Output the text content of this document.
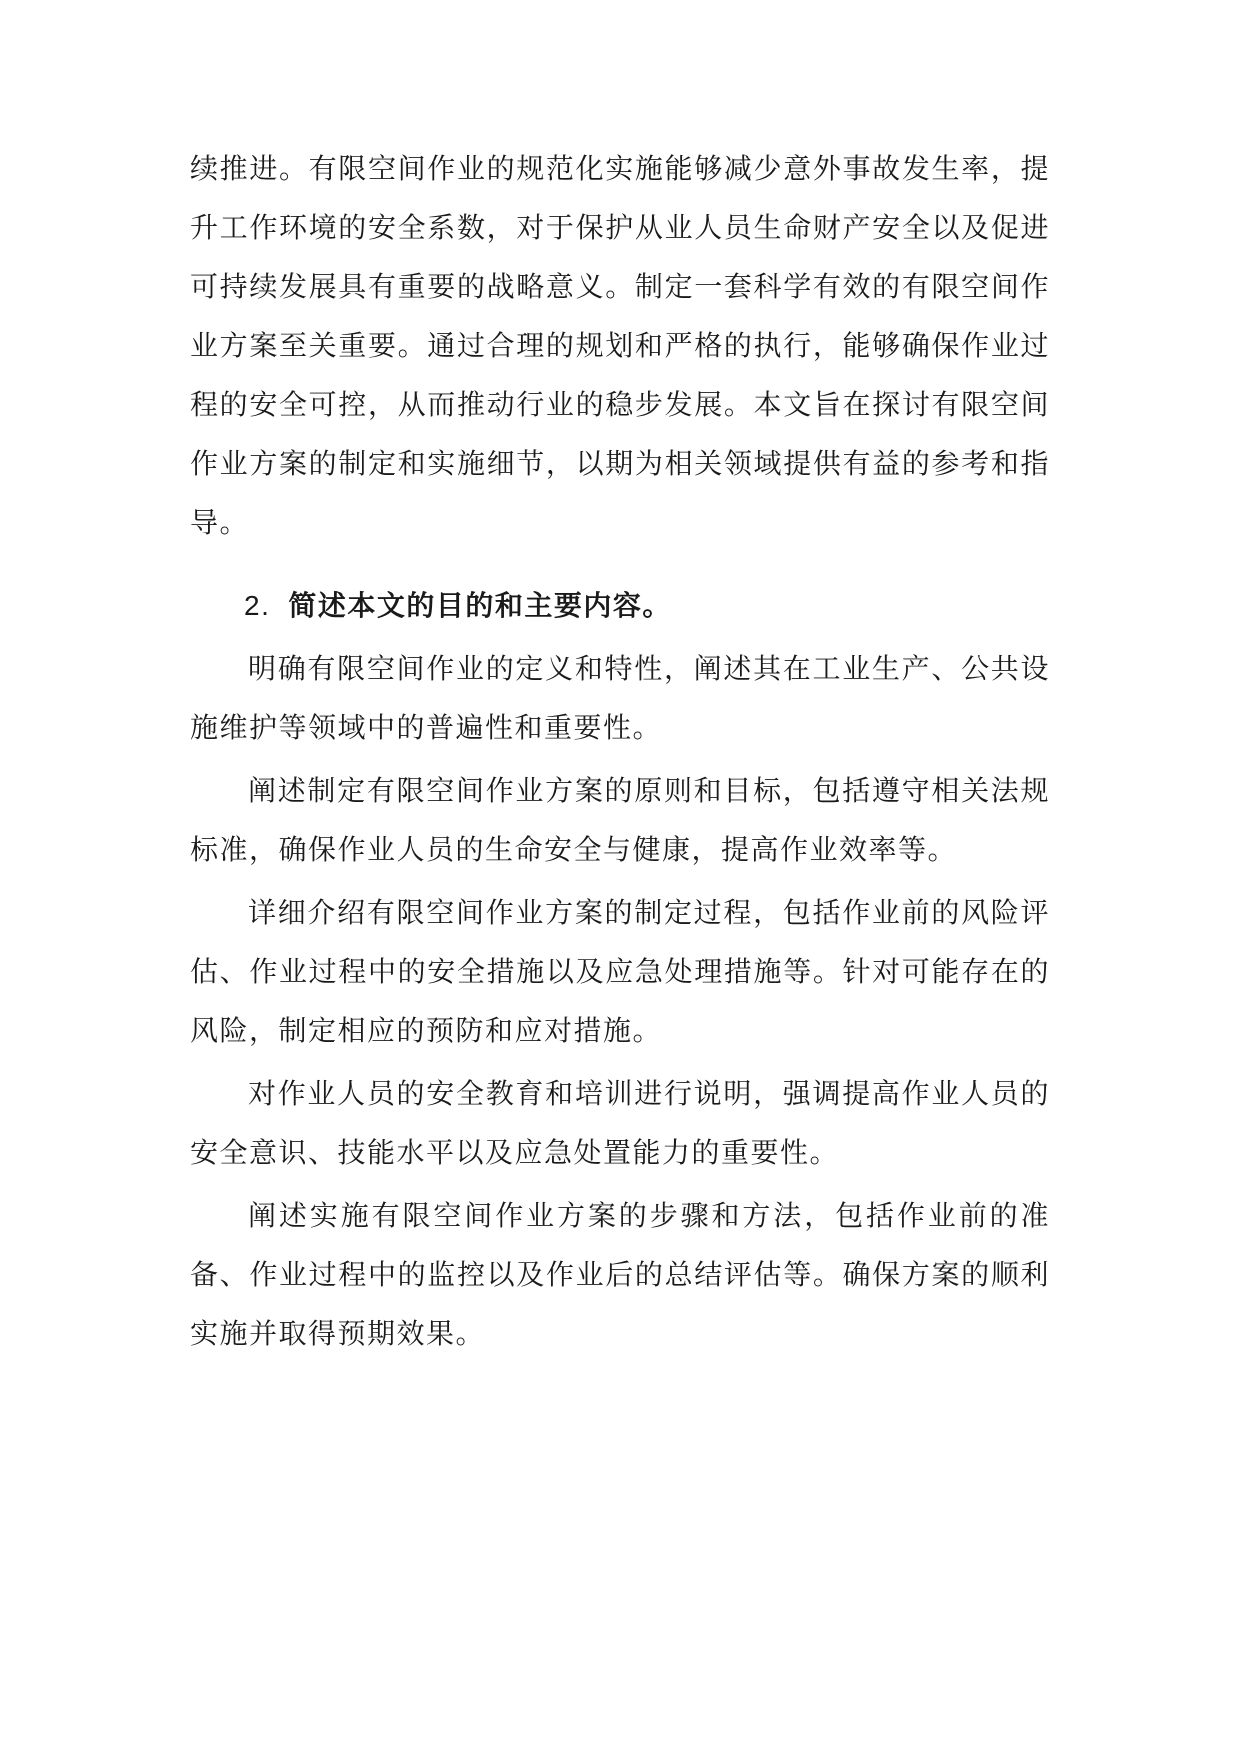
续推进。有限空间作业的规范化实施能够减少意外事故发生率，提升工作环境的安全系数，对于保护从业人员生命财产安全以及促进可持续发展具有重要的战略意义。制定一套科学有效的有限空间作业方案至关重要。通过合理的规划和严格的执行，能够确保作业过程的安全可控，从而推动行业的稳步发展。本文旨在探讨有限空间作业方案的制定和实施细节，以期为相关领域提供有益的参考和指导。

2. 简述本文的目的和主要内容。

明确有限空间作业的定义和特性，阐述其在工业生产、公共设施维护等领域中的普遍性和重要性。

阐述制定有限空间作业方案的原则和目标，包括遵守相关法规标准，确保作业人员的生命安全与健康，提高作业效率等。

详细介绍有限空间作业方案的制定过程，包括作业前的风险评估、作业过程中的安全措施以及应急处理措施等。针对可能存在的风险，制定相应的预防和应对措施。

对作业人员的安全教育和培训进行说明，强调提高作业人员的安全意识、技能水平以及应急处置能力的重要性。

阐述实施有限空间作业方案的步骤和方法，包括作业前的准备、作业过程中的监控以及作业后的总结评估等。确保方案的顺利实施并取得预期效果。
